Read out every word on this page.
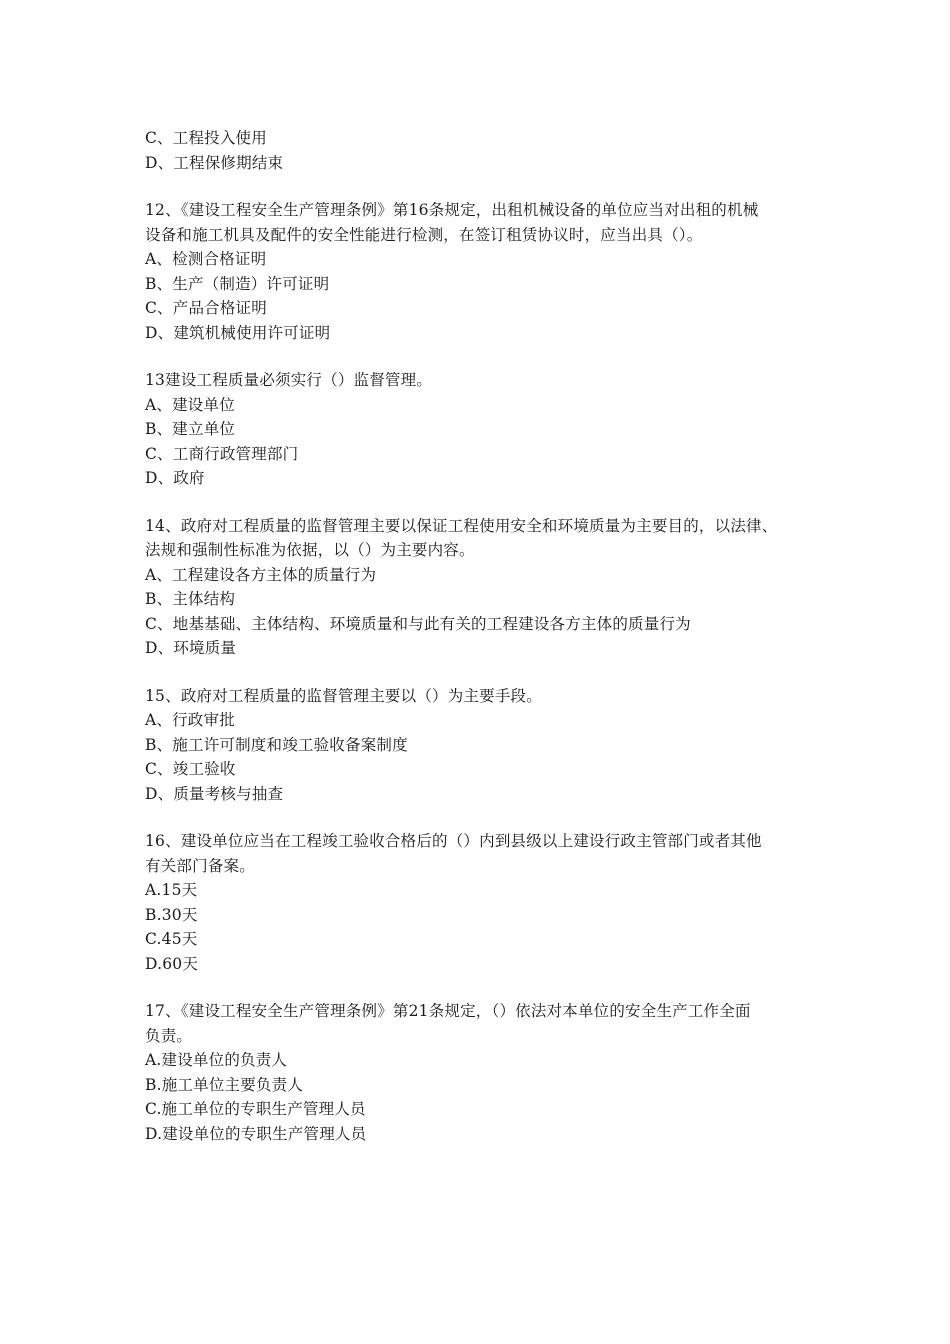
C、工程投入使用
D、工程保修期结束
12、《建设工程安全生产管理条例》第16条规定，出租机械设备的单位应当对出租的机械
设备和施工机具及配件的安全性能进行检测，在签订租赁协议时，应当出具（）。
A、检测合格证明
B、生产（制造）许可证明
C、产品合格证明
D、建筑机械使用许可证明
13建设工程质量必须实行（）监督管理。
A、建设单位
B、建立单位
C、工商行政管理部门
D、政府
14、政府对工程质量的监督管理主要以保证工程使用安全和环境质量为主要目的，以法律、
法规和强制性标准为依据，以（）为主要内容。
A、工程建设各方主体的质量行为
B、主体结构
C、地基基础、主体结构、环境质量和与此有关的工程建设各方主体的质量行为
D、环境质量
15、政府对工程质量的监督管理主要以（）为主要手段。
A、行政审批
B、施工许可制度和竣工验收备案制度
C、竣工验收
D、质量考核与抽查
16、建设单位应当在工程竣工验收合格后的（）内到县级以上建设行政主管部门或者其他
有关部门备案。
A.15天
B.30天
C.45天
D.60天
17、《建设工程安全生产管理条例》第21条规定，（）依法对本单位的安全生产工作全面
负责。
A.建设单位的负责人
B.施工单位主要负责人
C.施工单位的专职生产管理人员
D.建设单位的专职生产管理人员
